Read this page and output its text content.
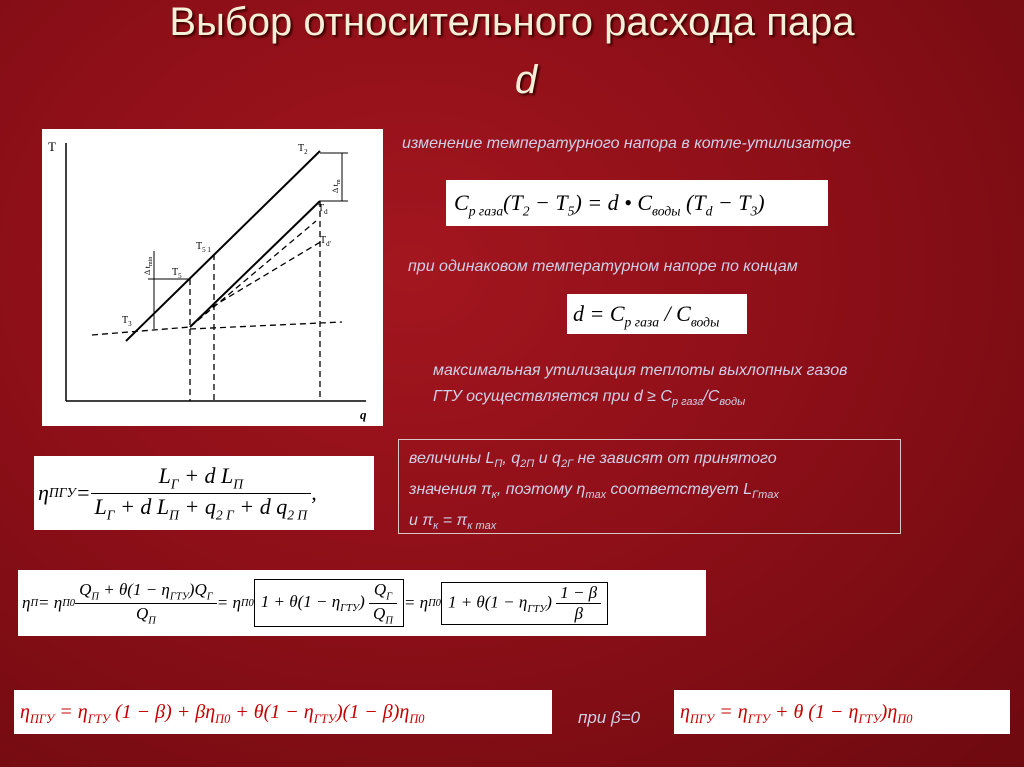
Выбор относительного расхода пара
d
T
q
$T_2$
$T_d$
$T_{d'}$
$T_5$
$T_{5 1}$
$T_3$
Δ $t_{min}$
Δ $t_m$
изменение температурного напора в котле-утилизаторе
$C_{p газа}(T_2 - T_5) = d$ • $C_{воды}$ $(T_d - T_3)$
при одинаковом температурном напоре по концам
$d = C_{p газа} / C_{воды}$
максимальная утилизация теплоты выхлопных газов
ГТУ осуществляется при $d \ge C_{p газа}/C_{воды}$
η ПГУ = $\frac{L_Г + d L_П}{L_Г + d L_П + q_{2 Г} + d q_{2 П}}$ ,
величины $L_П$, $q_{2П}$ и $q_{2Г}$ не зависят от принятого
значения $\pi_к$, поэтому $\eta_{max}$ соответствует $L_{Гmax}$
и $\pi_к = \pi_{к max}$
η П = η $П0 \frac{Q_П + \theta(1 - \eta_{ГТУ})Q_Г}{Q_П} = \eta$ П0 $1 + \theta(1 - \eta_{ГТУ}) \frac{Q_Г}{Q_П} = \eta$ П0 $1 + \theta(1 - \eta_{ГТУ}) \frac{1 - \beta}{\beta}$
$\eta_{ПГУ} = \eta_{ГТУ}$ $(1 - \beta) + \beta\eta_{П0} + \theta(1 - \eta_{ГТУ})(1 - \beta)\eta_{П0}$	при β=0	$\eta_{ПГУ} = \eta_{ГТУ} + \theta$ $(1 - \eta_{ГТУ})\eta_{П0}$
